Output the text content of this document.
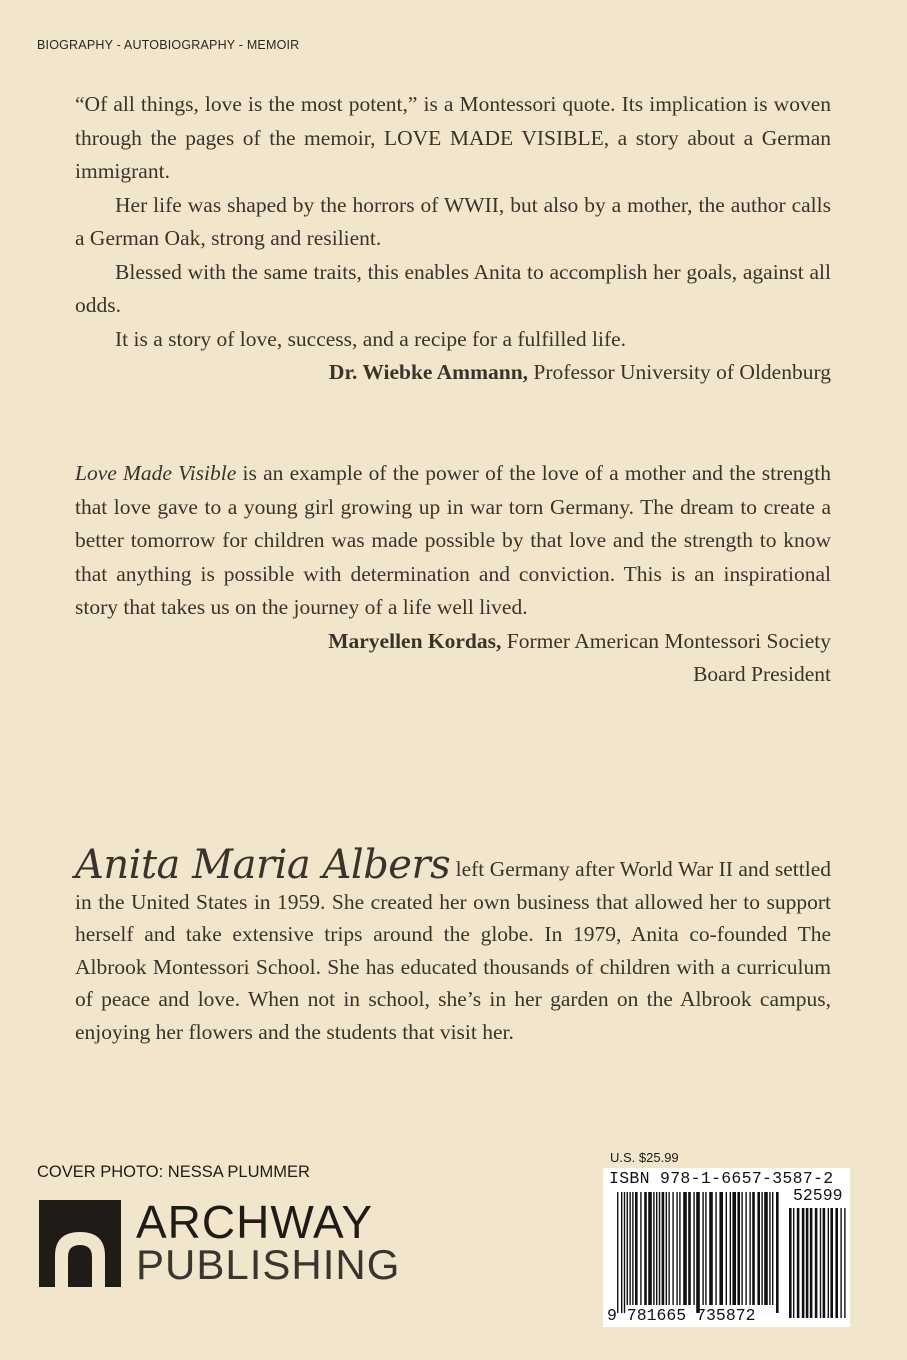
BIOGRAPHY - AUTOBIOGRAPHY - MEMOIR

“Of all things, love is the most potent,” is a Montessori quote. Its implication is woven through the pages of the memoir, LOVE MADE VISIBLE, a story about a German immigrant.

Her life was shaped by the horrors of WWII, but also by a mother, the author calls a German Oak, strong and resilient.

Blessed with the same traits, this enables Anita to accomplish her goals, against all odds.

It is a story of love, success, and a recipe for a fulfilled life.

Dr. Wiebke Ammann, Professor University of Oldenburg

Love Made Visible is an example of the power of the love of a mother and the strength that love gave to a young girl growing up in war torn Germany. The dream to create a better tomorrow for children was made possible by that love and the strength to know that anything is possible with determination and conviction. This is an inspirational story that takes us on the journey of a life well lived.

Maryellen Kordas, Former American Montessori Society
Board President

Anita Maria Albers left Germany after World War II and settled in the United States in 1959. She created her own business that allowed her to support herself and take extensive trips around the globe. In 1979, Anita co-founded The Albrook Montessori School. She has educated thousands of children with a curriculum of peace and love. When not in school, she’s in her garden on the Albrook campus, enjoying her flowers and the students that visit her.

COVER PHOTO: NESSA PLUMMER
ARCHWAY
PUBLISHING
U.S. $25.99
ISBN 978-1-6657-3587-2
52599
9 781665 735872
